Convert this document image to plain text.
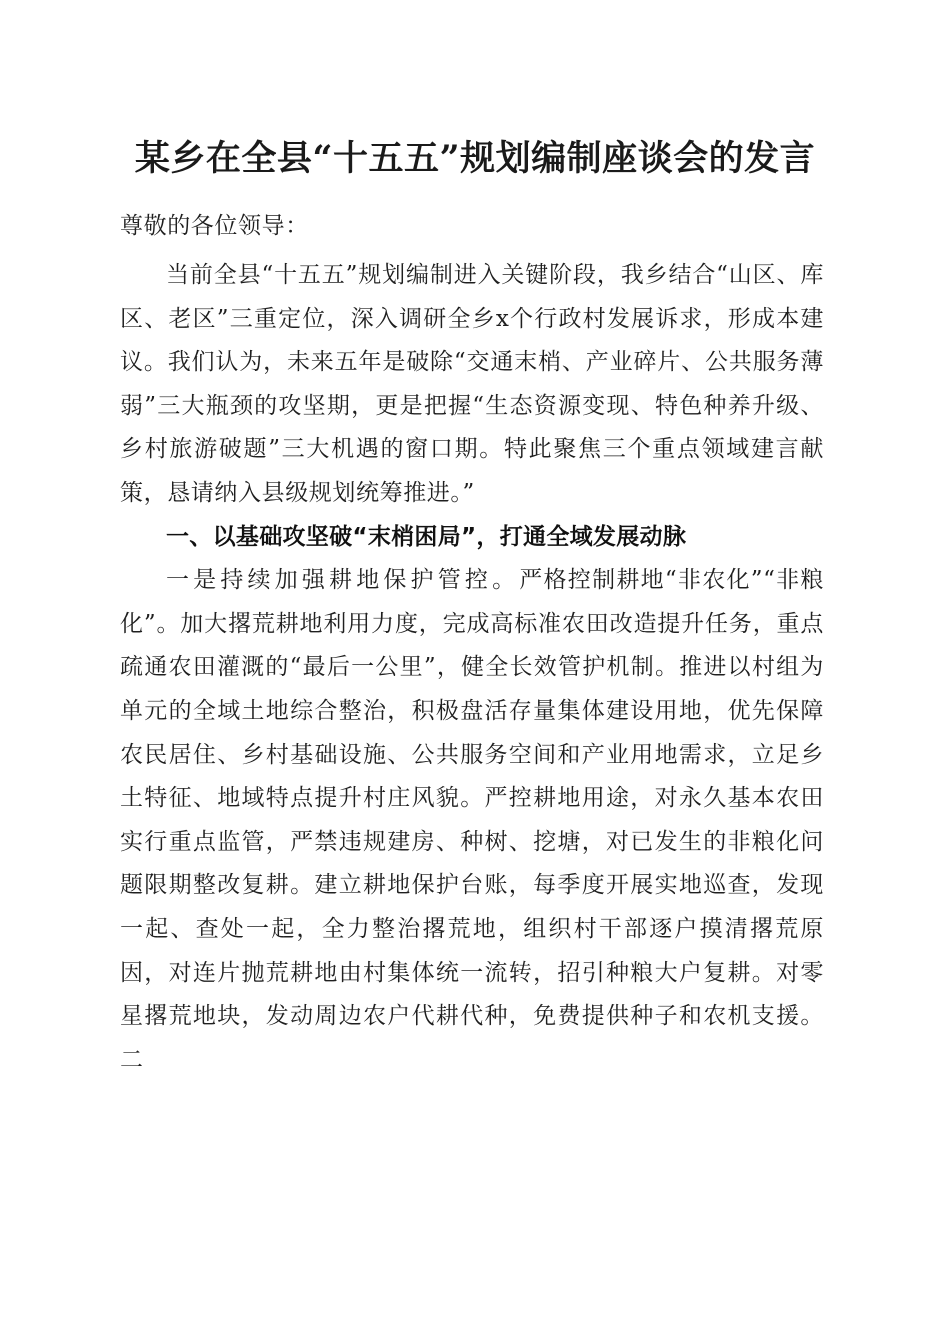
某乡在全县“十五五”规划编制座谈会的发言

尊敬的各位领导：

当前全县“十五五”规划编制进入关键阶段，我乡结合“山区、库区、老区”三重定位，深入调研全乡x个行政村发展诉求，形成本建议。我们认为，未来五年是破除“交通末梢、产业碎片、公共服务薄弱”三大瓶颈的攻坚期，更是把握“生态资源变现、特色种养升级、乡村旅游破题”三大机遇的窗口期。特此聚焦三个重点领域建言献策，恳请纳入县级规划统筹推进。”

一、以基础攻坚破“末梢困局”，打通全域发展动脉

一是持续加强耕地保护管控。严格控制耕地“非农化”“非粮化”。加大撂荒耕地利用力度，完成高标准农田改造提升任务，重点疏通农田灌溉的“最后一公里”，健全长效管护机制。推进以村组为单元的全域土地综合整治，积极盘活存量集体建设用地，优先保障农民居住、乡村基础设施、公共服务空间和产业用地需求，立足乡土特征、地域特点提升村庄风貌。严控耕地用途，对永久基本农田实行重点监管，严禁违规建房、种树、挖塘，对已发生的非粮化问题限期整改复耕。建立耕地保护台账，每季度开展实地巡查，发现一起、查处一起，全力整治撂荒地，组织村干部逐户摸清撂荒原因，对连片抛荒耕地由村集体统一流转，招引种粮大户复耕。对零星撂荒地块，发动周边农户代耕代种，免费提供种子和农机支援。二
